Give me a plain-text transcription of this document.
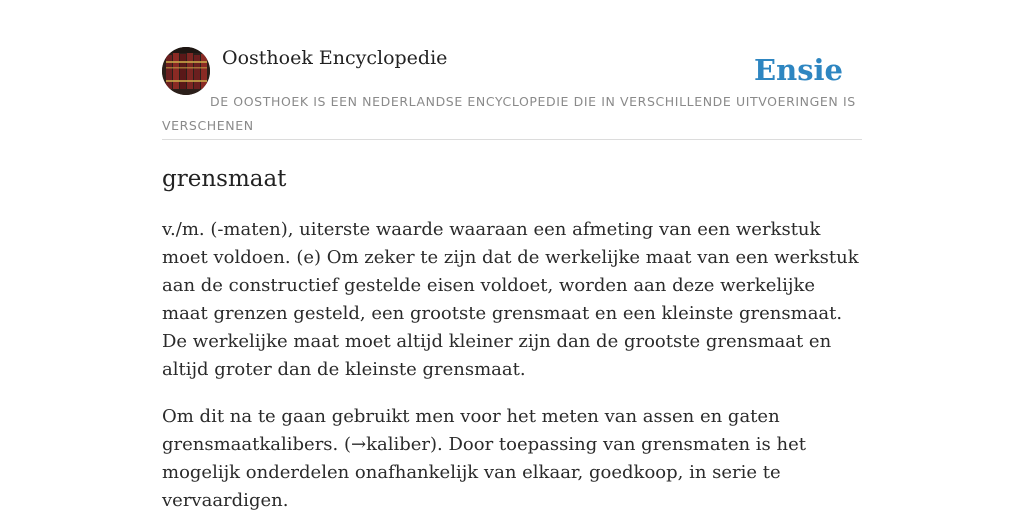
Oosthoek Encyclopedie	Ensie
DE OOSTHOEK IS EEN NEDERLANDSE ENCYCLOPEDIE DIE IN VERSCHILLENDE UITVOERINGEN IS VERSCHENEN
grensmaat

v./m. (-maten), uiterste waarde waaraan een afmeting van een werkstuk moet voldoen. (e) Om zeker te zijn dat de werkelijke maat van een werkstuk aan de constructief gestelde eisen voldoet, worden aan deze werkelijke maat grenzen gesteld, een grootste grensmaat en een kleinste grensmaat. De werkelijke maat moet altijd kleiner zijn dan de grootste grensmaat en altijd groter dan de kleinste grensmaat.

Om dit na te gaan gebruikt men voor het meten van assen en gaten grensmaatkalibers. (→kaliber). Door toepassing van grensmaten is het mogelijk onderdelen onafhankelijk van elkaar, goedkoop, in serie te vervaardigen.
